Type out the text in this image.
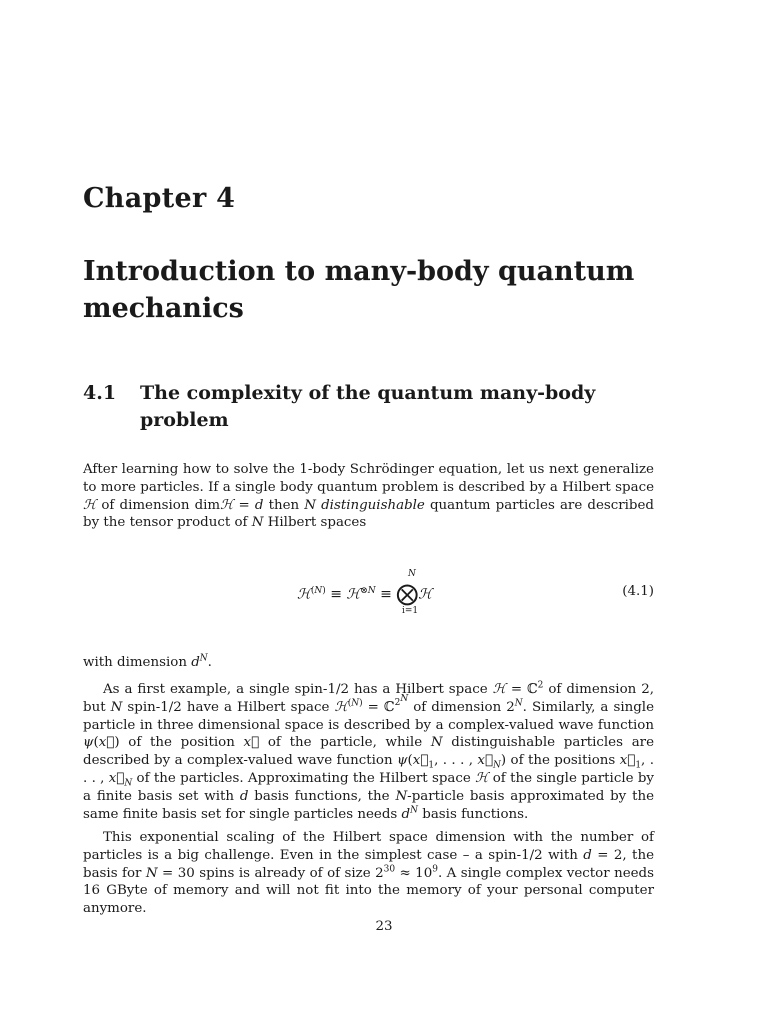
Chapter 4
Introduction to many-body quantum mechanics
4.1 The complexity of the quantum many-body problem
After learning how to solve the 1-body Schrödinger equation, let us next generalize to more particles. If a single body quantum problem is described by a Hilbert space ℋ of dimension dimℋ = d then N distinguishable quantum particles are described by the tensor product of N Hilbert spaces
N
ℋ$^{(N)}$ ≡ ℋ$^{\otimes N}$ ≡ ⨂ℋ
i=1
(4.1)
with dimension $d^N$.
As a first example, a single spin-1/2 has a Hilbert space ℋ = ℂ$^2$ of dimension 2, but N spin-1/2 have a Hilbert space ℋ$^{(N)}$ = ℂ$^{2^N}$ of dimension $2^N$. Similarly, a single particle in three dimensional space is described by a complex-valued wave function ψ(x⃗) of the position x⃗ of the particle, while N distinguishable particles are described by a complex-valued wave function $\psi(x⃗_1$, . . . , $x⃗_N$) of the positions $x⃗_1$, . . . , $x⃗_N$ of the particles. Approximating the Hilbert space ℋ of the single particle by a finite basis set with d basis functions, the N-particle basis approximated by the same finite basis set for single particles needs $d^N$ basis functions.
This exponential scaling of the Hilbert space dimension with the number of particles is a big challenge. Even in the simplest case – a spin-1/2 with d = 2, the basis for N = 30 spins is already of of size $2^{30} \approx 10^9$. A single complex vector needs 16 GByte of memory and will not fit into the memory of your personal computer anymore.
23
